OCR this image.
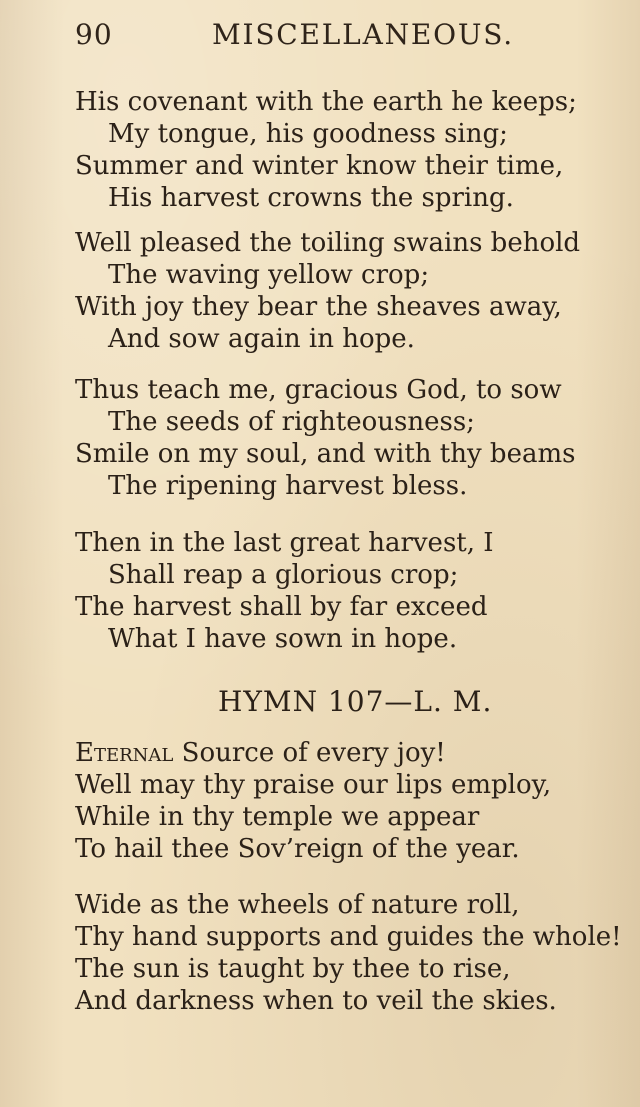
90	MISCELLANEOUS.
His covenant with the earth he keeps;
My tongue, his goodness sing;
Summer and winter know their time,
His harvest crowns the spring.
Well pleased the toiling swains behold
The waving yellow crop;
With joy they bear the sheaves away,
And sow again in hope.
Thus teach me, gracious God, to sow
The seeds of righteousness;
Smile on my soul, and with thy beams
The ripening harvest bless.
Then in the last great harvest, I
Shall reap a glorious crop;
The harvest shall by far exceed
What I have sown in hope.
HYMN 107—L. M.
Eternal Source of every joy!
Well may thy praise our lips employ,
While in thy temple we appear
To hail thee Sov’reign of the year.
Wide as the wheels of nature roll,
Thy hand supports and guides the whole!
The sun is taught by thee to rise,
And darkness when to veil the skies.
